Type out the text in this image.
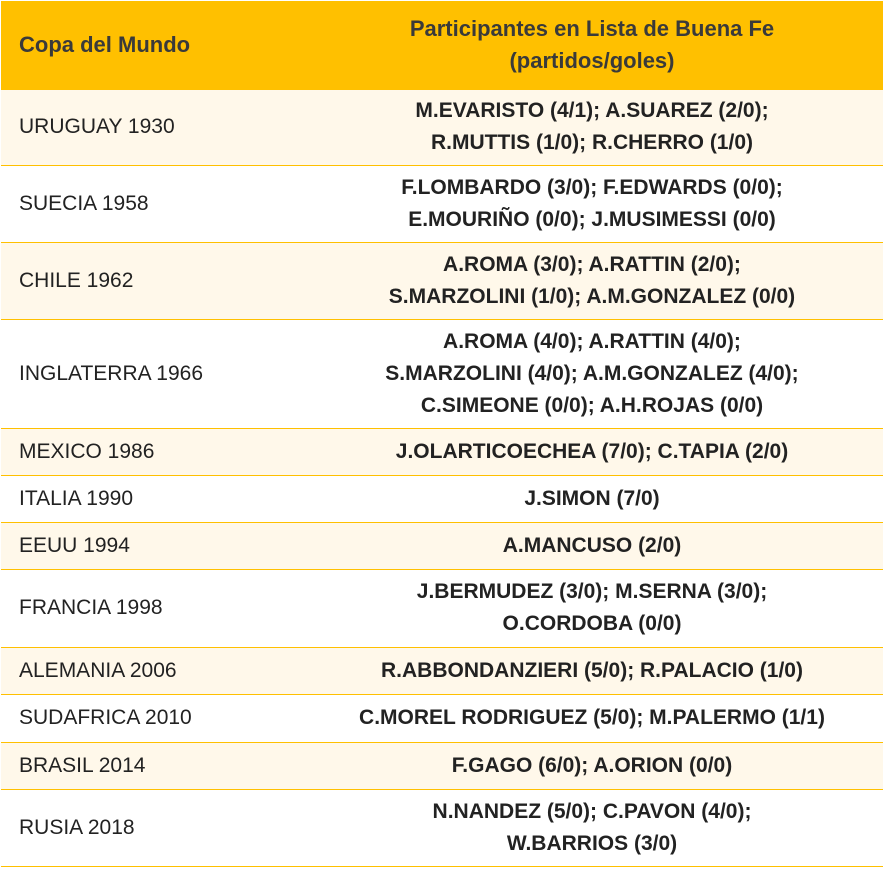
Copa del Mundo	Participantes en Lista de Buena Fe
(partidos/goles)

URUGUAY 1930	M.EVARISTO (4/1); A.SUAREZ (2/0);
R.MUTTIS (1/0); R.CHERRO (1/0)

SUECIA 1958	F.LOMBARDO (3/0); F.EDWARDS (0/0);
E.MOURIÑO (0/0); J.MUSIMESSI (0/0)

CHILE 1962	A.ROMA (3/0); A.RATTIN (2/0);
S.MARZOLINI (1/0); A.M.GONZALEZ (0/0)

INGLATERRA 1966	A.ROMA (4/0); A.RATTIN (4/0);
S.MARZOLINI (4/0); A.M.GONZALEZ (4/0);
C.SIMEONE (0/0); A.H.ROJAS (0/0)

MEXICO 1986	J.OLARTICOECHEA (7/0); C.TAPIA (2/0)

ITALIA 1990	J.SIMON (7/0)

EEUU 1994	A.MANCUSO (2/0)

FRANCIA 1998	J.BERMUDEZ (3/0); M.SERNA (3/0);
O.CORDOBA (0/0)

ALEMANIA 2006	R.ABBONDANZIERI (5/0); R.PALACIO (1/0)

SUDAFRICA 2010	C.MOREL RODRIGUEZ (5/0); M.PALERMO (1/1)

BRASIL 2014	F.GAGO (6/0); A.ORION (0/0)

RUSIA 2018	N.NANDEZ (5/0); C.PAVON (4/0);
W.BARRIOS (3/0)
